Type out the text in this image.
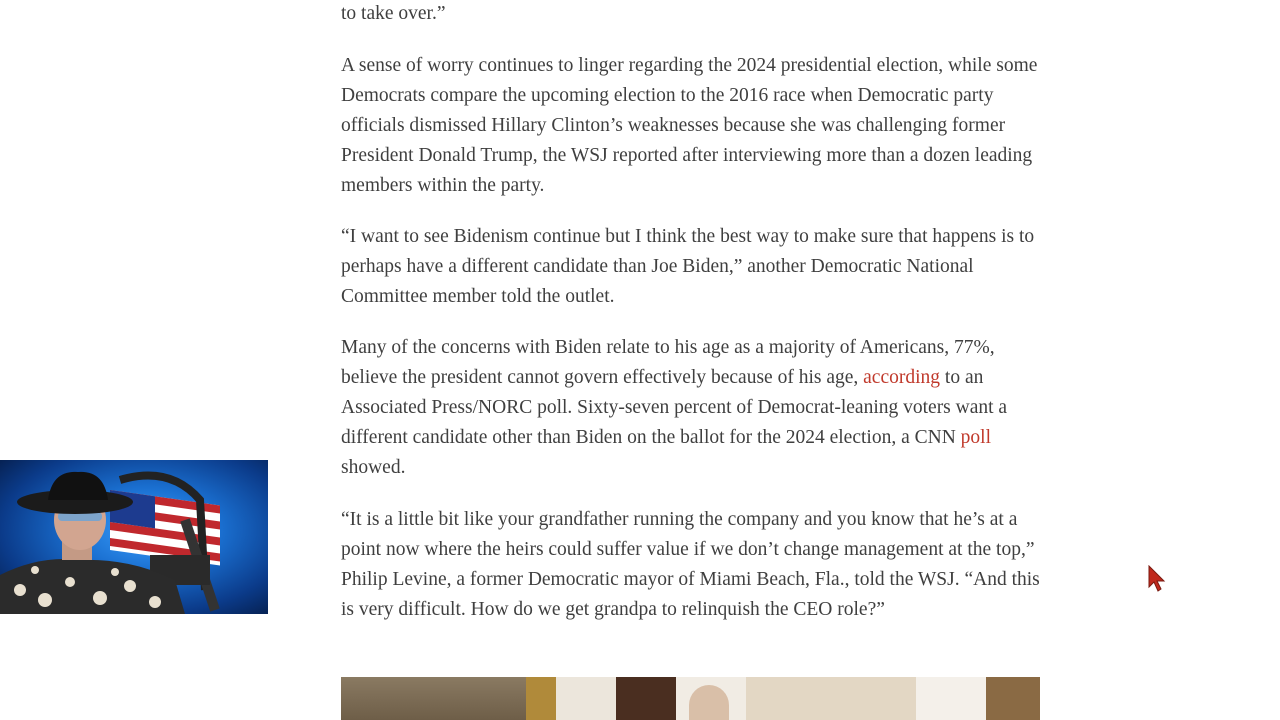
to take over.”

A sense of worry continues to linger regarding the 2024 presidential election, while some Democrats compare the upcoming election to the 2016 race when Democratic party officials dismissed Hillary Clinton’s weaknesses because she was challenging former President Donald Trump, the WSJ reported after interviewing more than a dozen leading members within the party.

“I want to see Bidenism continue but I think the best way to make sure that happens is to perhaps have a different candidate than Joe Biden,” another Democratic National Committee member told the outlet.

Many of the concerns with Biden relate to his age as a majority of Americans, 77%, believe the president cannot govern effectively because of his age, according to an Associated Press/NORC poll. Sixty-seven percent of Democrat-leaning voters want a different candidate other than Biden on the ballot for the 2024 election, a CNN poll showed.

“It is a little bit like your grandfather running the company and you know that he’s at a point now where the heirs could suffer value if we don’t change management at the top,” Philip Levine, a former Democratic mayor of Miami Beach, Fla., told the WSJ. “And this is very difficult. How do we get grandpa to relinquish the CEO role?”
